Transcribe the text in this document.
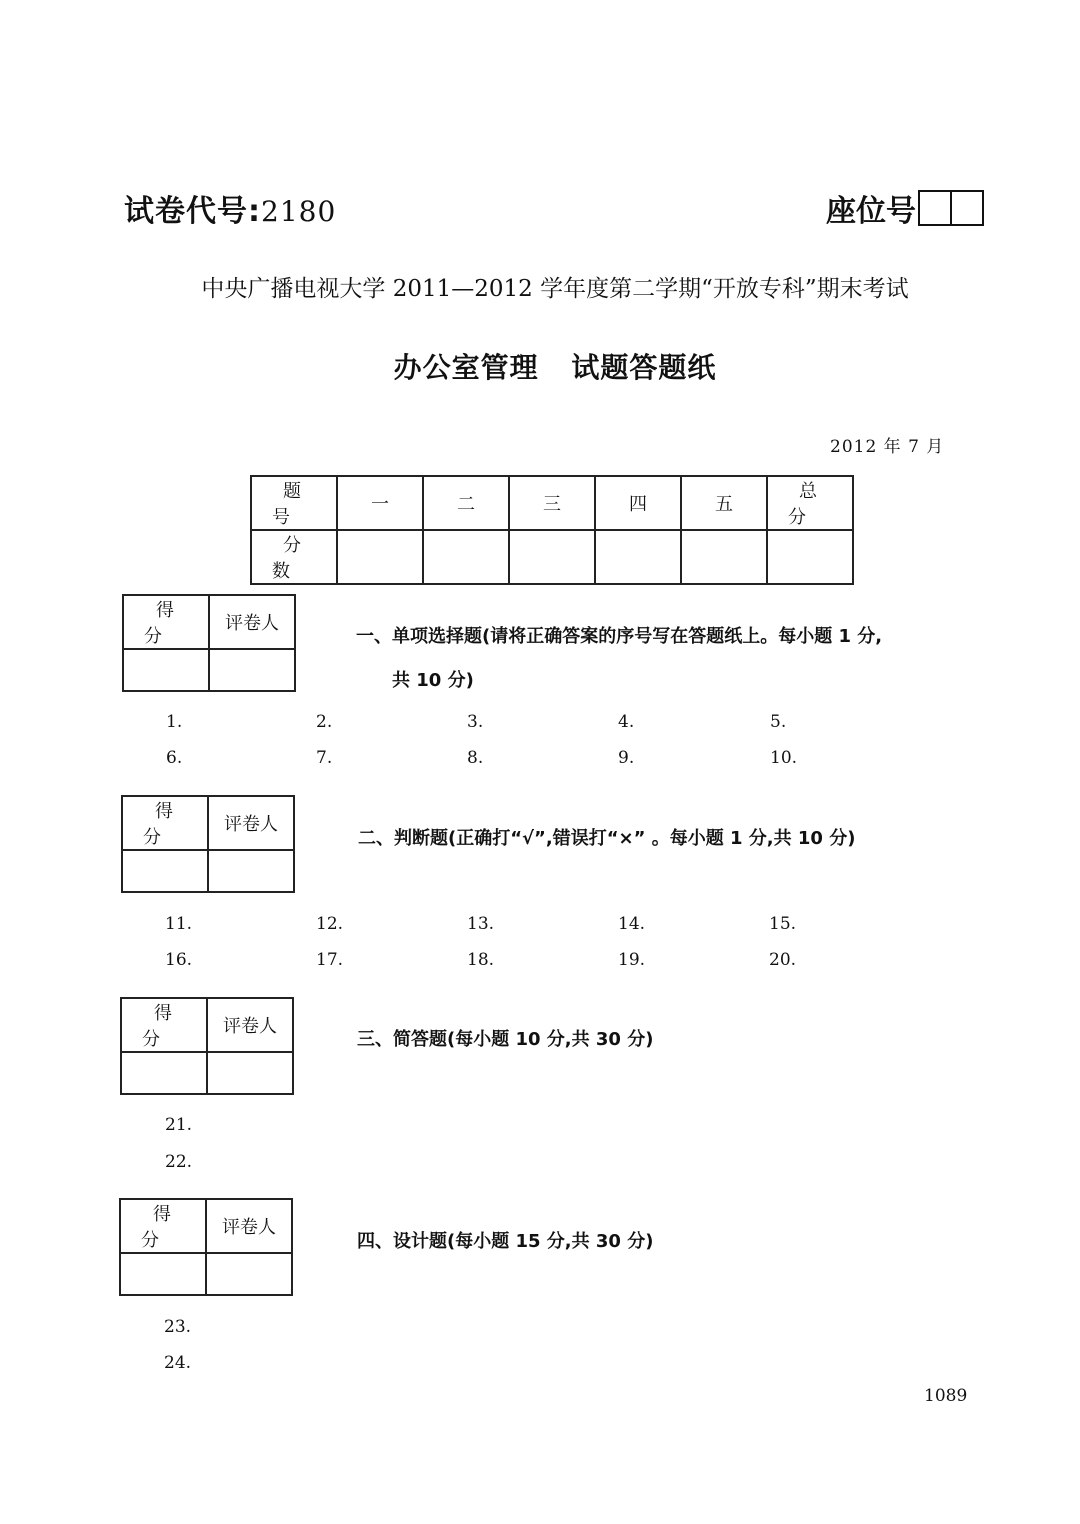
试卷代号:2180	座位号
中央广播电视大学 2011—2012 学年度第二学期“开放专科”期末考试
办公室管理 试题答题纸
2012 年 7 月
题号	一	二	三	四	五	总分
分数						
得分	评卷人

一、单项选择题(请将正确答案的序号写在答题纸上。每小题 1 分,
共 10 分)
1.	2.	3.	4.	5.
6.	7.	8.	9.	10.
得分	评卷人

二、判断题(正确打“√”,错误打“×” 。每小题 1 分,共 10 分)
11.	12.	13.	14.	15.
16.	17.	18.	19.	20.
得分	评卷人

三、简答题(每小题 10 分,共 30 分)
21.
22.
得分	评卷人

四、设计题(每小题 15 分,共 30 分)
23.
24.
1089
